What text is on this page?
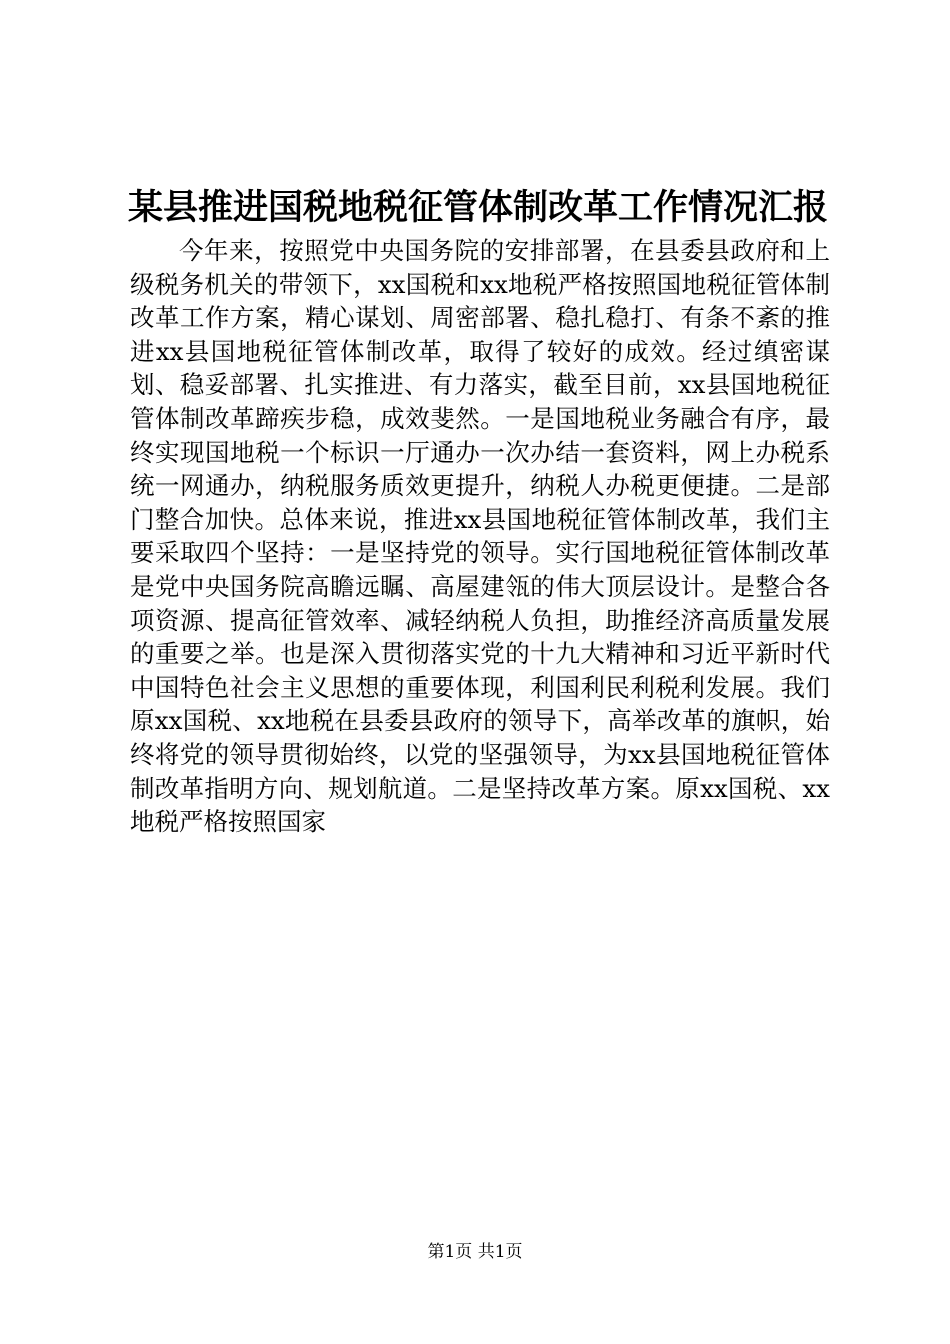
某县推进国税地税征管体制改革工作情况汇报

今年来，按照党中央国务院的安排部署，在县委县政府和上级税务机关的带领下，xx国税和xx地税严格按照国地税征管体制改革工作方案，精心谋划、周密部署、稳扎稳打、有条不紊的推进xx县国地税征管体制改革，取得了较好的成效。经过缜密谋划、稳妥部署、扎实推进、有力落实，截至目前，xx县国地税征管体制改革蹄疾步稳，成效斐然。一是国地税业务融合有序，最终实现国地税一个标识一厅通办一次办结一套资料，网上办税系统一网通办，纳税服务质效更提升，纳税人办税更便捷。二是部门整合加快。总体来说，推进xx县国地税征管体制改革，我们主要采取四个坚持：一是坚持党的领导。实行国地税征管体制改革是党中央国务院高瞻远瞩、高屋建瓴的伟大顶层设计。是整合各项资源、提高征管效率、减轻纳税人负担，助推经济高质量发展的重要之举。也是深入贯彻落实党的十九大精神和习近平新时代中国特色社会主义思想的重要体现，利国利民利税利发展。我们原xx国税、xx地税在县委县政府的领导下，高举改革的旗帜，始终将党的领导贯彻始终，以党的坚强领导，为xx县国地税征管体制改革指明方向、规划航道。二是坚持改革方案。原xx国税、xx地税严格按照国家

第1页 共1页
